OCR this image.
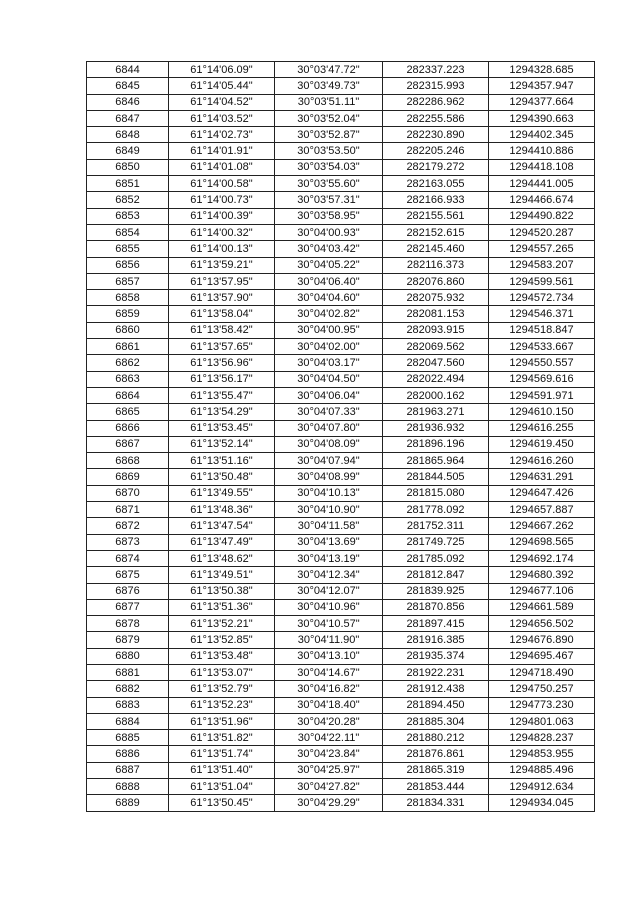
6844	61°14'06.09"	30°03'47.72"	282337.223	1294328.685
6845	61°14'05.44"	30°03'49.73"	282315.993	1294357.947
6846	61°14'04.52"	30°03'51.11"	282286.962	1294377.664
6847	61°14'03.52"	30°03'52.04"	282255.586	1294390.663
6848	61°14'02.73"	30°03'52.87"	282230.890	1294402.345
6849	61°14'01.91"	30°03'53.50"	282205.246	1294410.886
6850	61°14'01.08"	30°03'54.03"	282179.272	1294418.108
6851	61°14'00.58"	30°03'55.60"	282163.055	1294441.005
6852	61°14'00.73"	30°03'57.31"	282166.933	1294466.674
6853	61°14'00.39"	30°03'58.95"	282155.561	1294490.822
6854	61°14'00.32"	30°04'00.93"	282152.615	1294520.287
6855	61°14'00.13"	30°04'03.42"	282145.460	1294557.265
6856	61°13'59.21"	30°04'05.22"	282116.373	1294583.207
6857	61°13'57.95"	30°04'06.40"	282076.860	1294599.561
6858	61°13'57.90"	30°04'04.60"	282075.932	1294572.734
6859	61°13'58.04"	30°04'02.82"	282081.153	1294546.371
6860	61°13'58.42"	30°04'00.95"	282093.915	1294518.847
6861	61°13'57.65"	30°04'02.00"	282069.562	1294533.667
6862	61°13'56.96"	30°04'03.17"	282047.560	1294550.557
6863	61°13'56.17"	30°04'04.50"	282022.494	1294569.616
6864	61°13'55.47"	30°04'06.04"	282000.162	1294591.971
6865	61°13'54.29"	30°04'07.33"	281963.271	1294610.150
6866	61°13'53.45"	30°04'07.80"	281936.932	1294616.255
6867	61°13'52.14"	30°04'08.09"	281896.196	1294619.450
6868	61°13'51.16"	30°04'07.94"	281865.964	1294616.260
6869	61°13'50.48"	30°04'08.99"	281844.505	1294631.291
6870	61°13'49.55"	30°04'10.13"	281815.080	1294647.426
6871	61°13'48.36"	30°04'10.90"	281778.092	1294657.887
6872	61°13'47.54"	30°04'11.58"	281752.311	1294667.262
6873	61°13'47.49"	30°04'13.69"	281749.725	1294698.565
6874	61°13'48.62"	30°04'13.19"	281785.092	1294692.174
6875	61°13'49.51"	30°04'12.34"	281812.847	1294680.392
6876	61°13'50.38"	30°04'12.07"	281839.925	1294677.106
6877	61°13'51.36"	30°04'10.96"	281870.856	1294661.589
6878	61°13'52.21"	30°04'10.57"	281897.415	1294656.502
6879	61°13'52.85"	30°04'11.90"	281916.385	1294676.890
6880	61°13'53.48"	30°04'13.10"	281935.374	1294695.467
6881	61°13'53.07"	30°04'14.67"	281922.231	1294718.490
6882	61°13'52.79"	30°04'16.82"	281912.438	1294750.257
6883	61°13'52.23"	30°04'18.40"	281894.450	1294773.230
6884	61°13'51.96"	30°04'20.28"	281885.304	1294801.063
6885	61°13'51.82"	30°04'22.11"	281880.212	1294828.237
6886	61°13'51.74"	30°04'23.84"	281876.861	1294853.955
6887	61°13'51.40"	30°04'25.97"	281865.319	1294885.496
6888	61°13'51.04"	30°04'27.82"	281853.444	1294912.634
6889	61°13'50.45"	30°04'29.29"	281834.331	1294934.045
